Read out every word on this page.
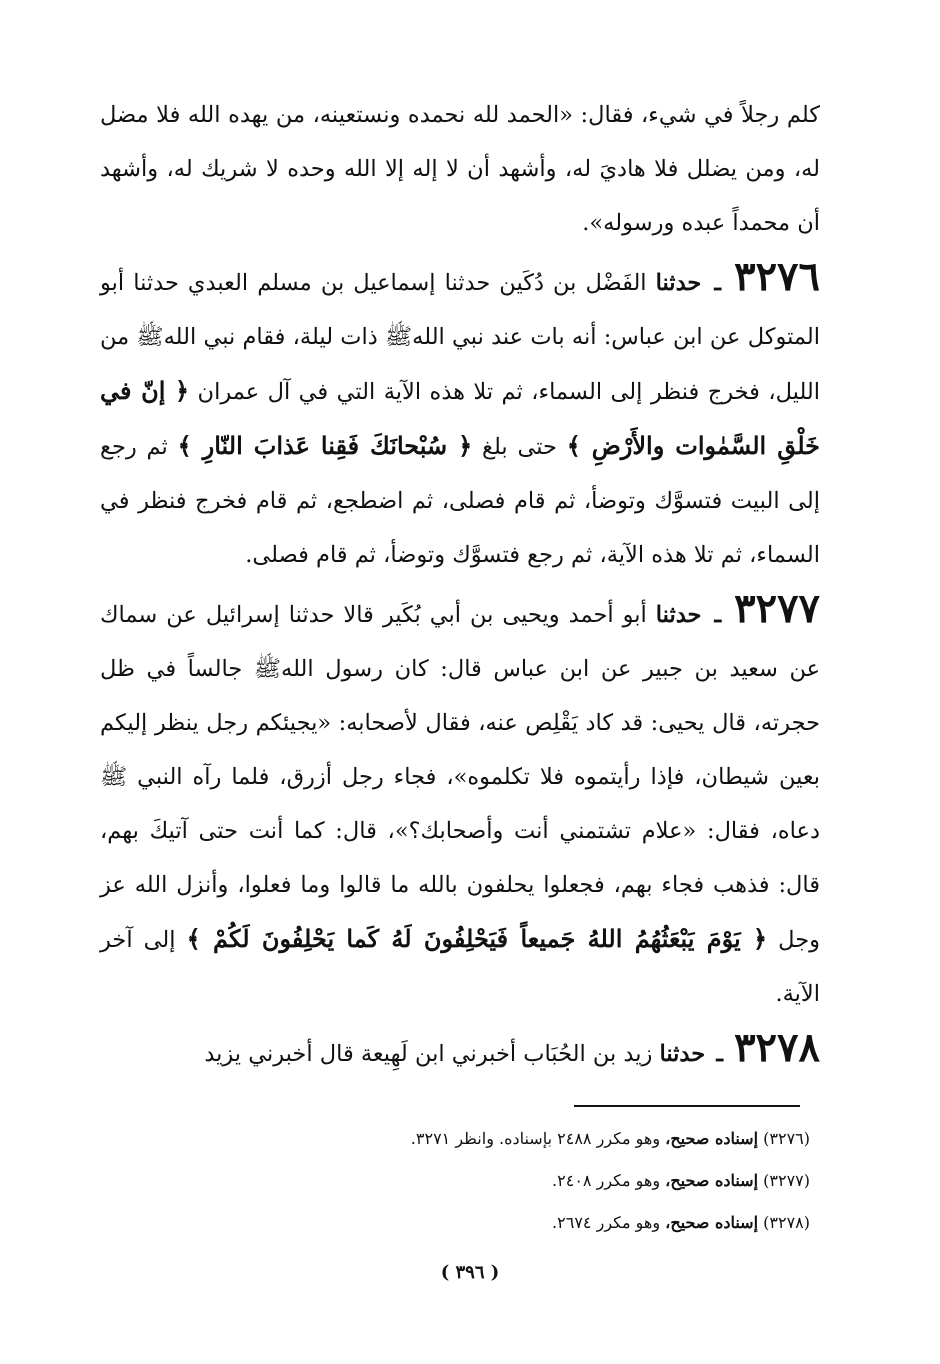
كلم رجلاً في شيء، فقال: «الحمد لله نحمده ونستعينه، من يهده الله فلا مضل له، ومن يضلل فلا هاديَ له، وأشهد أن لا إله إلا الله وحده لا شريك له، وأشهد أن محمداً عبده ورسوله».

٣٢٧٦ ـ حدثنا الفَضْل بن دُكَين حدثنا إسماعيل بن مسلم العبدي حدثنا أبو المتوكل عن ابن عباس: أنه بات عند نبي اللهﷺ ذات ليلة، فقام نبي اللهﷺ من الليل، فخرج فنظر إلى السماء، ثم تلا هذه الآية التي في آل عمران ﴿ إنّ في خَلْقِ السَّمٰوات والأَرْضِ ﴾ حتى بلغ ﴿ سُبْحانَكَ فَقِنا عَذابَ النّارِ ﴾ ثم رجع إلى البيت فتسوَّك وتوضأ، ثم قام فصلى، ثم اضطجع، ثم قام فخرج فنظر في السماء، ثم تلا هذه الآية، ثم رجع فتسوَّك وتوضأ، ثم قام فصلى.

٣٢٧٧ ـ حدثنا أبو أحمد ويحيى بن أبي بُكَير قالا حدثنا إسرائيل عن سماك عن سعيد بن جبير عن ابن عباس قال: كان رسول اللهﷺ جالساً في ظل حجرته، قال يحيى: قد كاد يَقْلِص عنه، فقال لأصحابه: «يجيئكم رجل ينظر إليكم بعين شيطان، فإذا رأيتموه فلا تكلموه»، فجاء رجل أزرق، فلما رآه النبي ﷺ دعاه، فقال: «علام تشتمني أنت وأصحابك؟»، قال: كما أنت حتى آتيكَ بهم، قال: فذهب فجاء بهم، فجعلوا يحلفون بالله ما قالوا وما فعلوا، وأنزل الله عز وجل ﴿ يَوْمَ يَبْعَثُهُمُ اللهُ جَميعاً فَيَحْلِفُونَ لَهُ كَما يَحْلِفُونَ لَكُمْ ﴾ إلى آخر الآية.

٣٢٧٨ ـ حدثنا زيد بن الحُبَاب أخبرني ابن لَهِيعة قال أخبرني يزيد

(٣٢٧٦) إسناده صحيح، وهو مكرر ٢٤٨٨ بإسناده. وانظر ٣٢٧١.

(٣٢٧٧) إسناده صحيح، وهو مكرر ٢٤٠٨.

(٣٢٧٨) إسناده صحيح، وهو مكرر ٢٦٧٤.

( ٣٩٦ )
